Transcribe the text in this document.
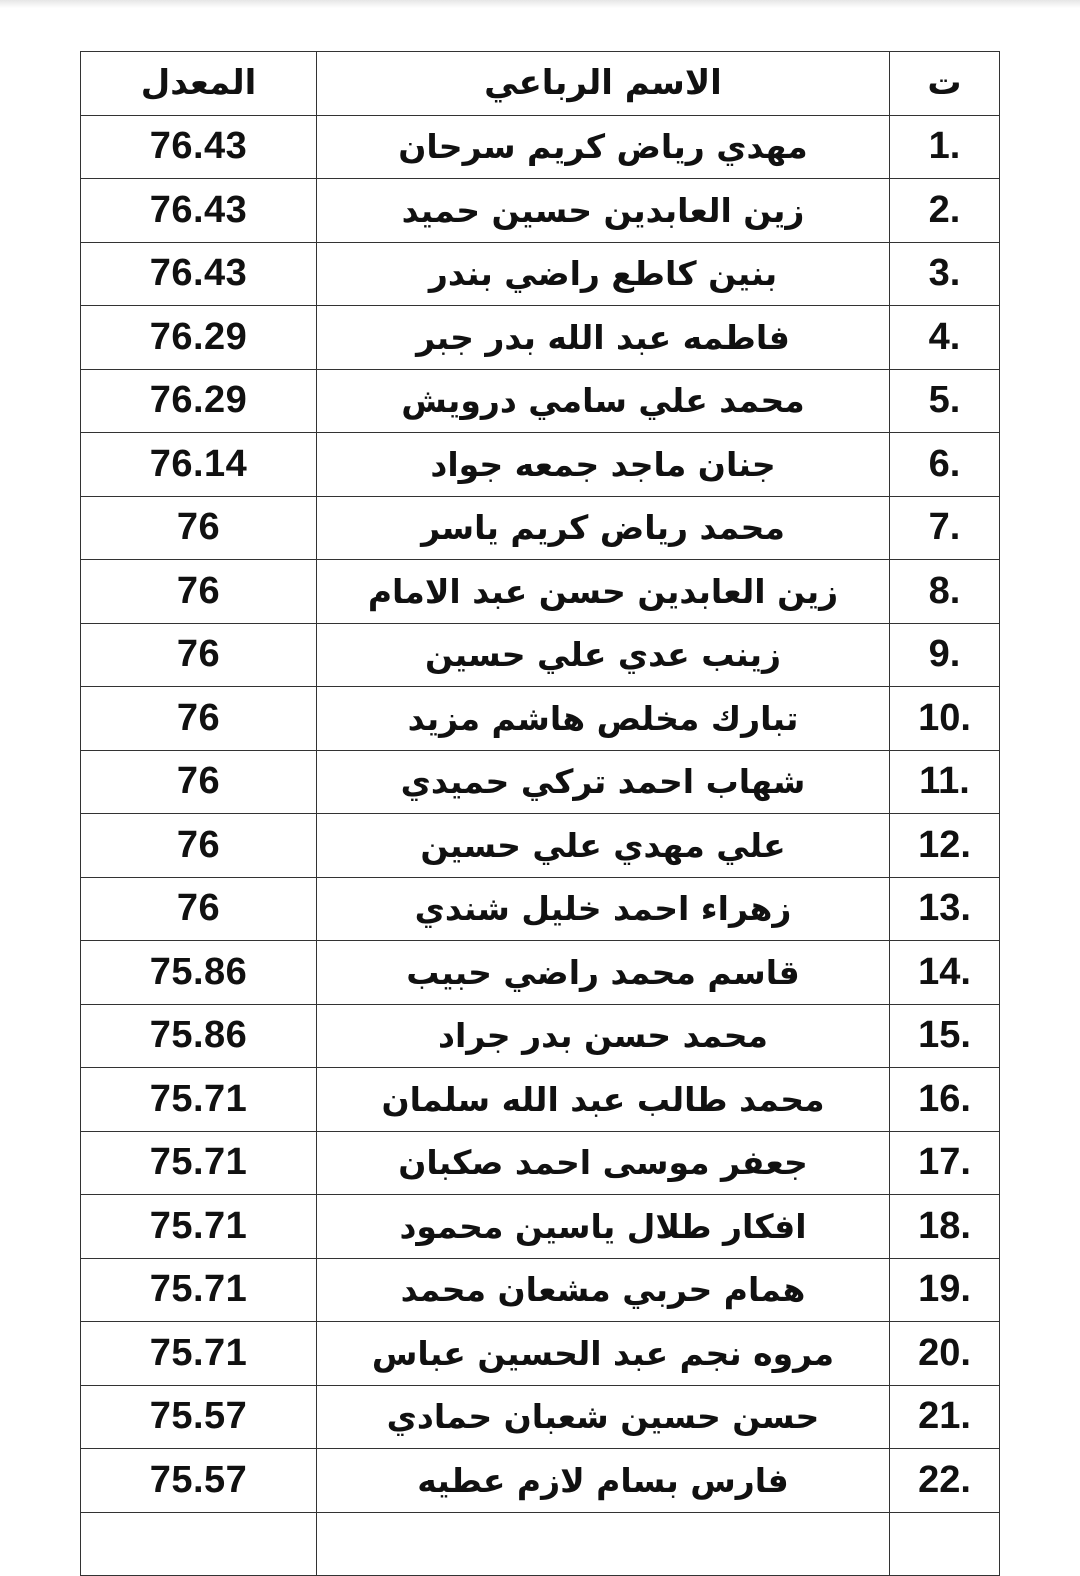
المعدل	الاسم الرباعي	ت
76.43	مهدي رياض كريم سرحان	1.
76.43	زين العابدين حسين حميد	2.
76.43	بنين كاطع راضي بندر	3.
76.29	فاطمه عبد الله بدر جبر	4.
76.29	محمد علي سامي درويش	5.
76.14	جنان ماجد جمعه جواد	6.
76	محمد رياض كريم ياسر	7.
76	زين العابدين حسن عبد الامام	8.
76	زينب عدي علي حسين	9.
76	تبارك مخلص هاشم مزيد	10.
76	شهاب احمد تركي حميدي	11.
76	علي مهدي علي حسين	12.
76	زهراء احمد خليل شندي	13.
75.86	قاسم محمد راضي حبيب	14.
75.86	محمد حسن بدر جراد	15.
75.71	محمد طالب عبد الله سلمان	16.
75.71	جعفر موسى احمد صكبان	17.
75.71	افكار طلال ياسين محمود	18.
75.71	همام حربي مشعان محمد	19.
75.71	مروه نجم عبد الحسين عباس	20.
75.57	حسن حسين شعبان حمادي	21.
75.57	فارس بسام لازم عطيه	22.
